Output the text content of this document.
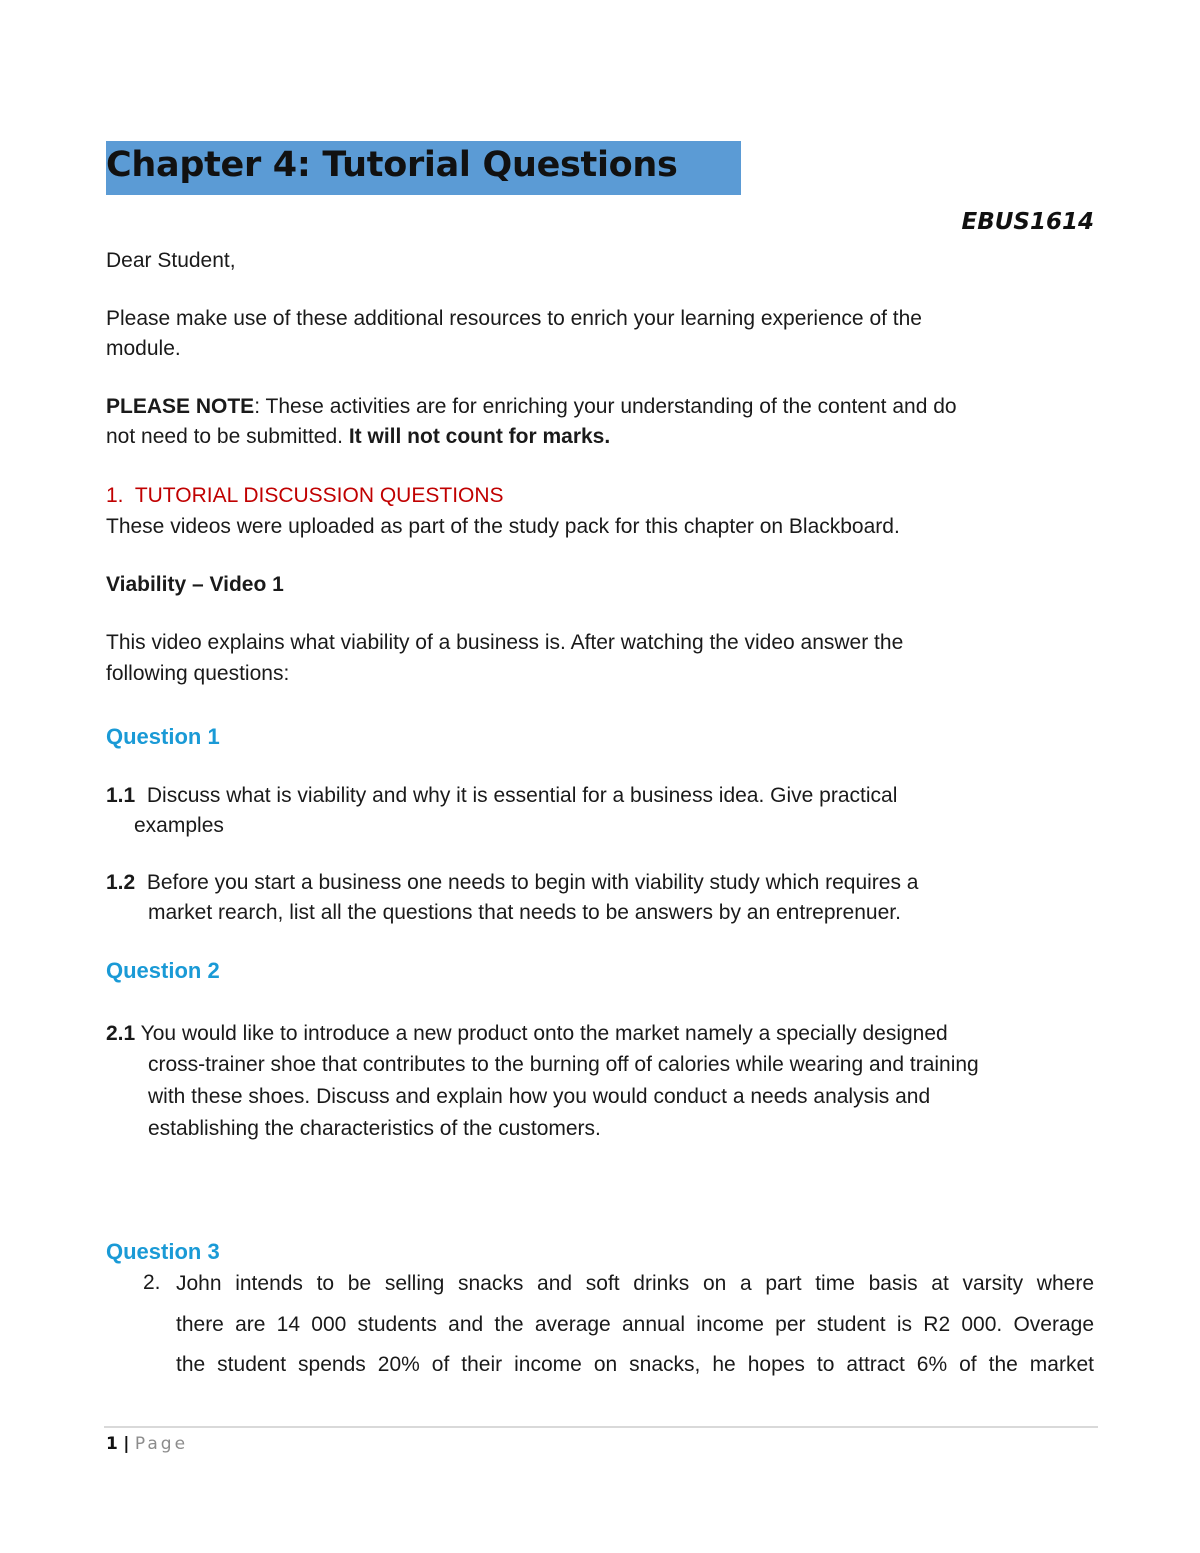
Chapter 4: Tutorial Questions
EBUS1614
Dear Student,
Please make use of these additional resources to enrich your learning experience of the
module.
PLEASE NOTE: These activities are for enriching your understanding of the content and do
not need to be submitted. It will not count for marks.
1. TUTORIAL DISCUSSION QUESTIONS
These videos were uploaded as part of the study pack for this chapter on Blackboard.
Viability – Video 1
This video explains what viability of a business is. After watching the video answer the
following questions:
Question 1
1.1 Discuss what is viability and why it is essential for a business idea. Give practical
examples
1.2 Before you start a business one needs to begin with viability study which requires a
market rearch, list all the questions that needs to be answers by an entreprenuer.
Question 2
2.1 You would like to introduce a new product onto the market namely a specially designed
cross-trainer shoe that contributes to the burning off of calories while wearing and training
with these shoes. Discuss and explain how you would conduct a needs analysis and
establishing the characteristics of the customers.
Question 3
2. John intends to be selling snacks and soft drinks on a part time basis at varsity where
there are 14 000 students and the average annual income per student is R2 000. Overage
the student spends 20% of their income on snacks, he hopes to attract 6% of the market
1 | Page
